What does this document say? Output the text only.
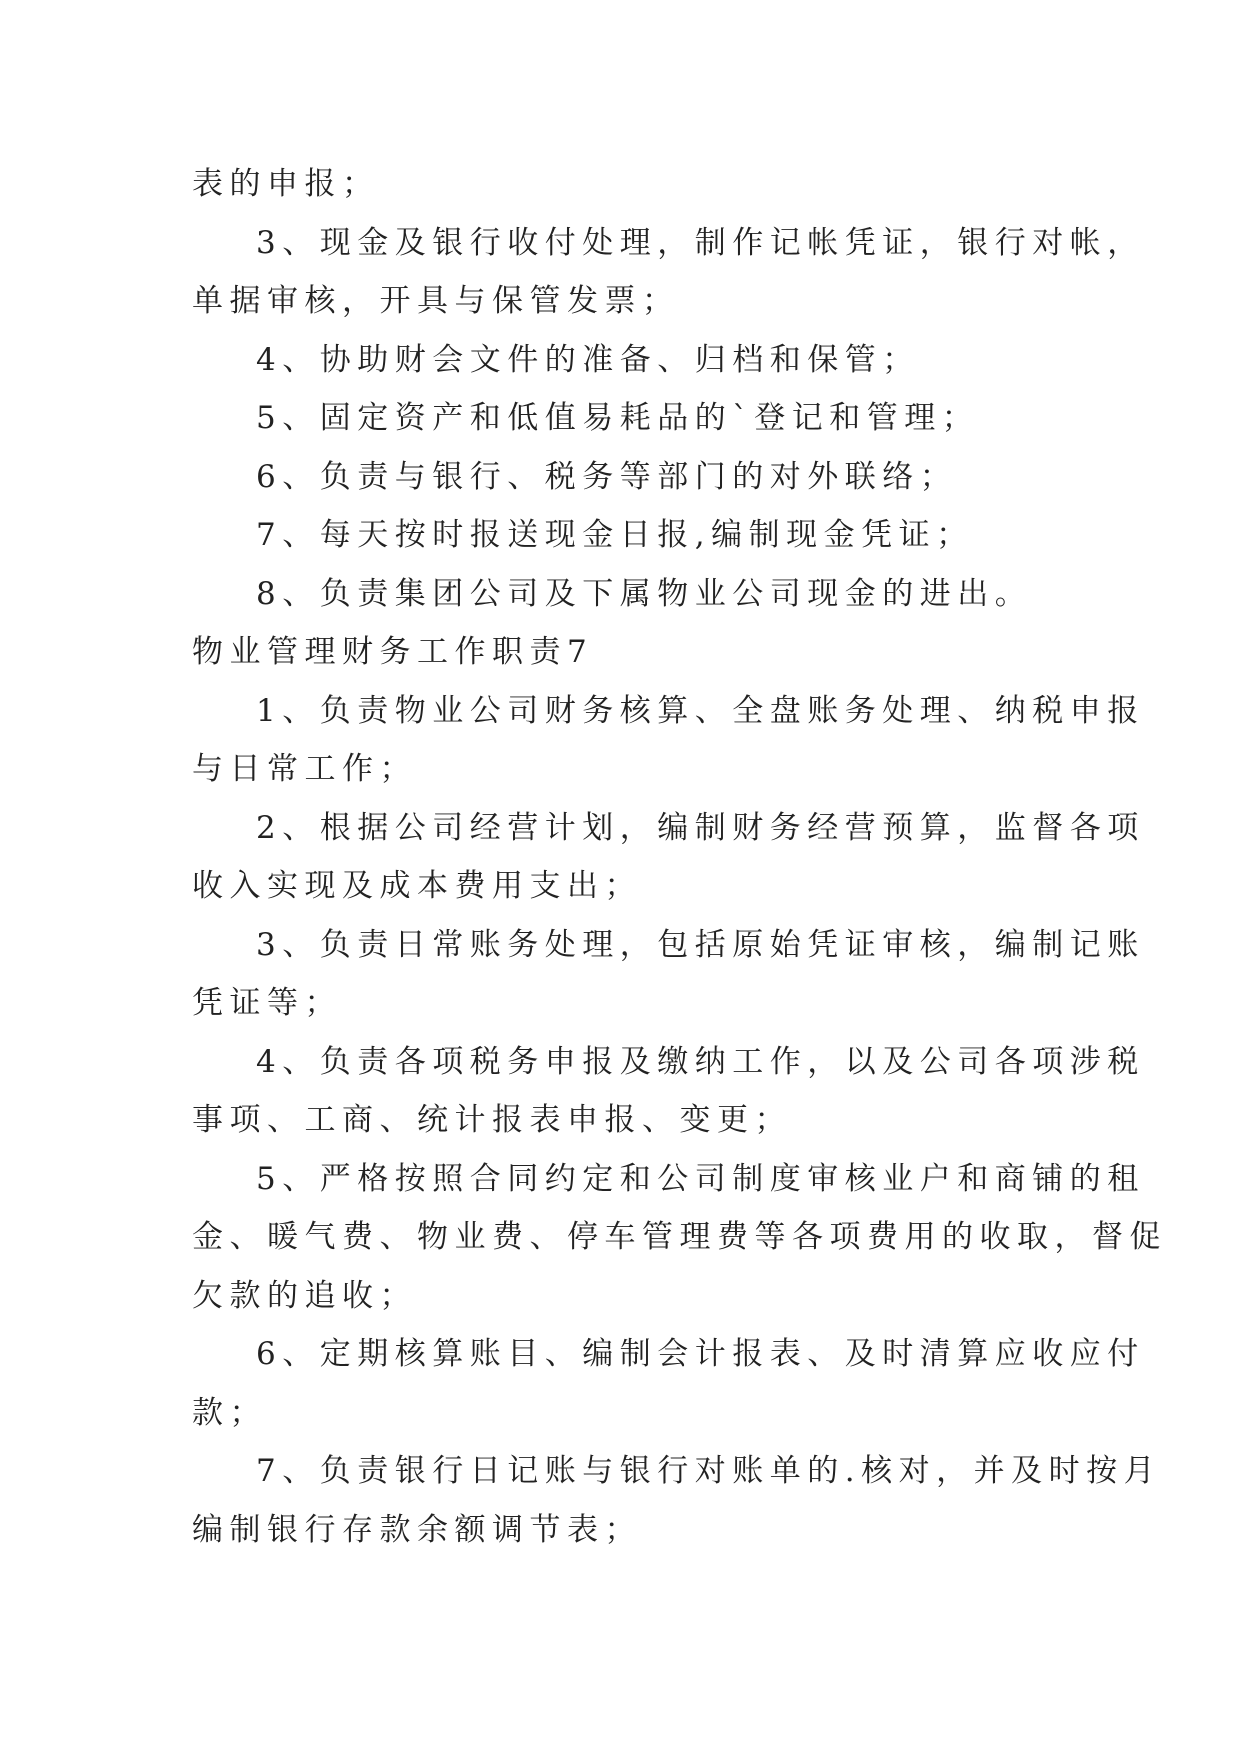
表的申报；
3、现金及银行收付处理，制作记帐凭证，银行对帐，
单据审核，开具与保管发票；
4、协助财会文件的准备、归档和保管；
5、固定资产和低值易耗品的`登记和管理；
6、负责与银行、税务等部门的对外联络；
7、每天按时报送现金日报,编制现金凭证；
8、负责集团公司及下属物业公司现金的进出。
物业管理财务工作职责7
1、负责物业公司财务核算、全盘账务处理、纳税申报
与日常工作；
2、根据公司经营计划，编制财务经营预算，监督各项
收入实现及成本费用支出；
3、负责日常账务处理，包括原始凭证审核，编制记账
凭证等；
4、负责各项税务申报及缴纳工作，以及公司各项涉税
事项、工商、统计报表申报、变更；
5、严格按照合同约定和公司制度审核业户和商铺的租
金、暖气费、物业费、停车管理费等各项费用的收取，督促
欠款的追收；
6、定期核算账目、编制会计报表、及时清算应收应付
款；
7、负责银行日记账与银行对账单的.核对，并及时按月
编制银行存款余额调节表；
